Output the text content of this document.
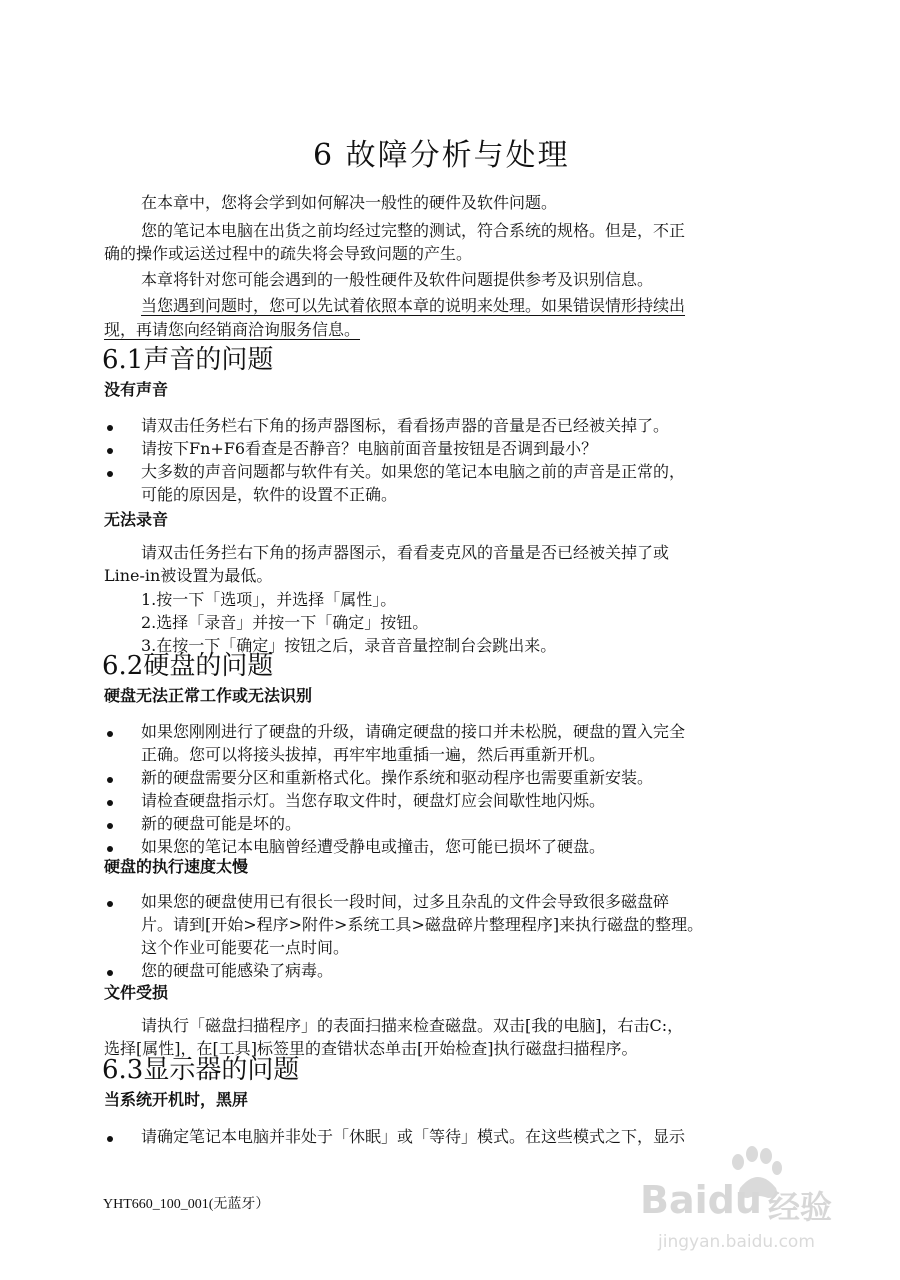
6 故障分析与处理
在本章中，您将会学到如何解决一般性的硬件及软件问题。
您的笔记本电脑在出货之前均经过完整的测试，符合系统的规格。但是，不正
确的操作或运送过程中的疏失将会导致问题的产生。
本章将针对您可能会遇到的一般性硬件及软件问题提供参考及识别信息。
当您遇到问题时，您可以先试着依照本章的说明来处理。如果错误情形持续出
现，再请您向经销商洽询服务信息。
6.1声音的问题
没有声音
请双击任务栏右下角的扬声器图标，看看扬声器的音量是否已经被关掉了。
请按下Fn+F6看查是否静音？电脑前面音量按钮是否调到最小？
大多数的声音问题都与软件有关。如果您的笔记本电脑之前的声音是正常的，
可能的原因是，软件的设置不正确。
无法录音
请双击任务拦右下角的扬声器图示，看看麦克风的音量是否已经被关掉了或
Line-in被设置为最低。
1.按一下「选项」，并选择「属性」。
2.选择「录音」并按一下「确定」按钮。
3.在按一下「确定」按钮之后，录音音量控制台会跳出来。
6.2硬盘的问题
硬盘无法正常工作或无法识别
如果您刚刚进行了硬盘的升级，请确定硬盘的接口并未松脱，硬盘的置入完全
正确。您可以将接头拔掉，再牢牢地重插一遍，然后再重新开机。
新的硬盘需要分区和重新格式化。操作系统和驱动程序也需要重新安装。
请检查硬盘指示灯。当您存取文件时，硬盘灯应会间歇性地闪烁。
新的硬盘可能是坏的。
如果您的笔记本电脑曾经遭受静电或撞击，您可能已损坏了硬盘。
硬盘的执行速度太慢
如果您的硬盘使用已有很长一段时间，过多且杂乱的文件会导致很多磁盘碎
片。请到[开始>程序>附件>系统工具>磁盘碎片整理程序]来执行磁盘的整理。
这个作业可能要花一点时间。
您的硬盘可能感染了病毒。
文件受损
请执行「磁盘扫描程序」的表面扫描来检查磁盘。双击[我的电脑]，右击C:，
选择[属性]，在[工具]标签里的查错状态单击[开始检查]执行磁盘扫描程序。
6.3显示器的问题
当系统开机时，黑屏
请确定笔记本电脑并非处于「休眠」或「等待」模式。在这些模式之下，显示
YHT660_100_001(无蓝牙）	Baidu 经验
jingyan.baidu.com
